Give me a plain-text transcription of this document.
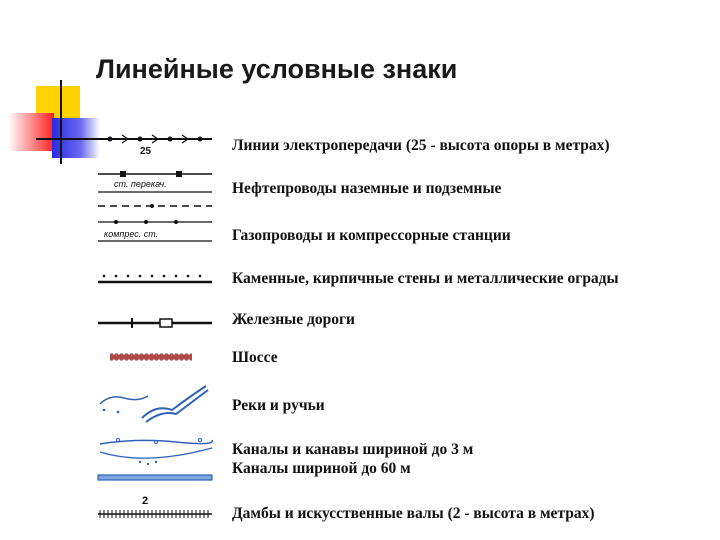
Линейные условные знаки
25	Линии электропередачи (25 - высота опоры в метрах)
ст. перекач.	Нефтепроводы наземные и подземные
компрес. ст.	Газопроводы и компрессорные станции
Каменные, кирпичные стены и металлические ограды
Железные дороги
Шоссе
Реки и ручьи
Каналы и канавы шириной до 3 м
Каналы шириной до 60 м
2
Дамбы и искусственные валы (2 - высота в метрах)
